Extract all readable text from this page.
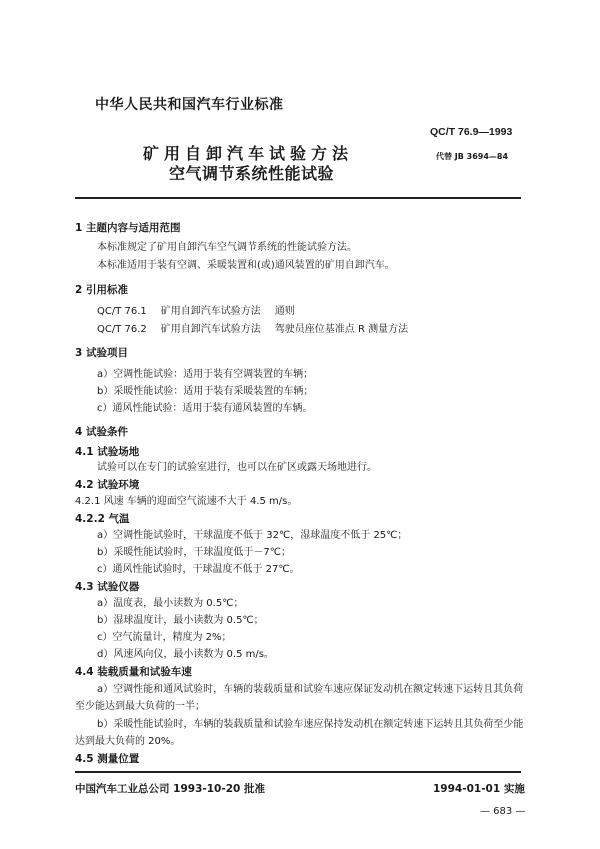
中华人民共和国汽车行业标准
矿用自卸汽车试验方法
空气调节系统性能试验
QC/T 76.9—1993
代替 JB 3694—84
1 主题内容与适用范围
本标准规定了矿用自卸汽车空气调节系统的性能试验方法。
本标准适用于装有空调、采暖装置和(或)通风装置的矿用自卸汽车。
2 引用标准
QC/T 76.1 矿用自卸汽车试验方法 通则
QC/T 76.2 矿用自卸汽车试验方法 驾驶员座位基准点 R 测量方法
3 试验项目
a）空调性能试验：适用于装有空调装置的车辆；
b）采暖性能试验：适用于装有采暖装置的车辆；
c）通风性能试验：适用于装有通风装置的车辆。
4 试验条件
4.1 试验场地
试验可以在专门的试验室进行，也可以在矿区或露天场地进行。
4.2 试验环境
4.2.1 风速 车辆的迎面空气流速不大于 4.5 m/s。
4.2.2 气温
a）空调性能试验时，干球温度不低于 32℃，湿球温度不低于 25℃；
b）采暖性能试验时，干球温度低于－7℃；
c）通风性能试验时，干球温度不低于 27℃。
4.3 试验仪器
a）温度表，最小读数为 0.5℃；
b）湿球温度计，最小读数为 0.5℃；
c）空气流量计，精度为 2%；
d）风速风向仪，最小读数为 0.5 m/s。
4.4 装载质量和试验车速
a）空调性能和通风试验时，车辆的装载质量和试验车速应保证发动机在额定转速下运转且其负荷
至少能达到最大负荷的一半；
b）采暖性能试验时，车辆的装载质量和试验车速应保持发动机在额定转速下运转且其负荷至少能
达到最大负荷的 20%。
4.5 测量位置
中国汽车工业总公司 1993-10-20 批准	1994-01-01 实施
— 683 —
